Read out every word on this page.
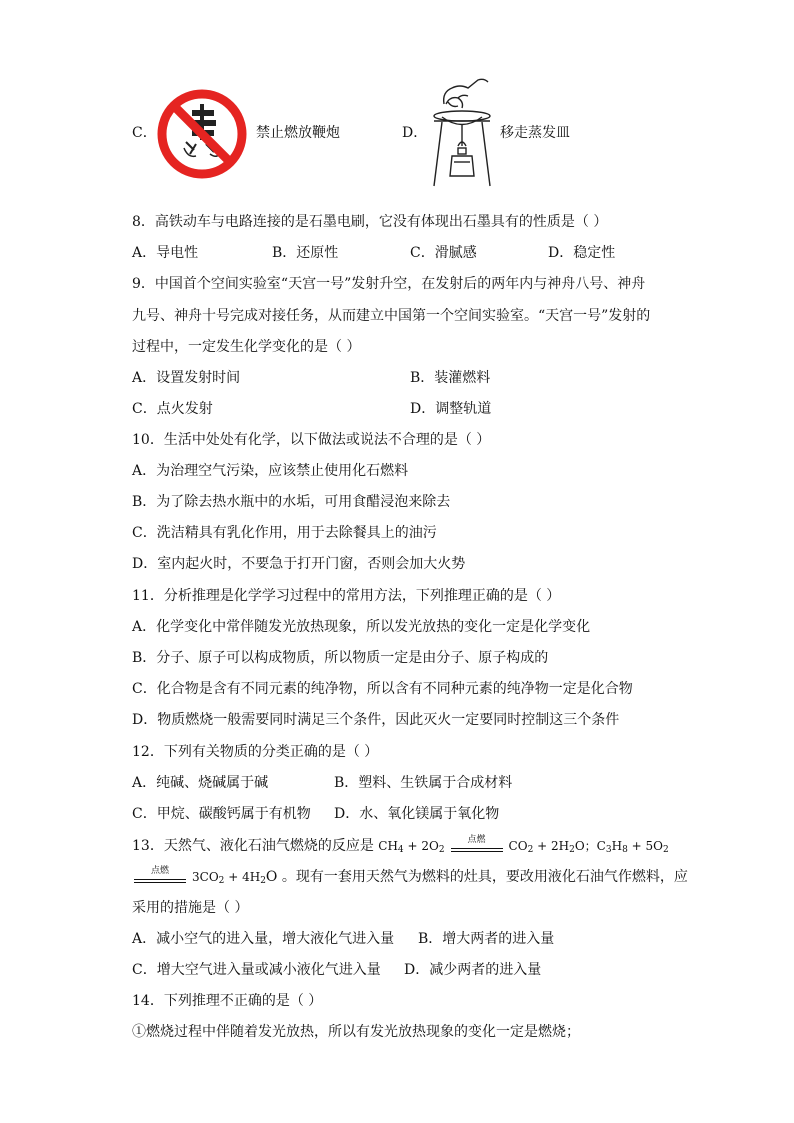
C．	禁止燃放鞭炮	D．	移走蒸发皿
8．高铁动车与电路连接的是石墨电刷，它没有体现出石墨具有的性质是（ ）
A．导电性	B．还原性	C．滑腻感	D．稳定性
9．中国首个空间实验室“天宫一号”发射升空，在发射后的两年内与神舟八号、神舟
九号、神舟十号完成对接任务，从而建立中国第一个空间实验室。“天宫一号”发射的
过程中，一定发生化学变化的是（ ）
A．设置发射时间	B．装灌燃料
C．点火发射	D．调整轨道
10．生活中处处有化学，以下做法或说法不合理的是（ ）
A．为治理空气污染，应该禁止使用化石燃料
B．为了除去热水瓶中的水垢，可用食醋浸泡来除去
C．洗洁精具有乳化作用，用于去除餐具上的油污
D．室内起火时，不要急于打开门窗，否则会加大火势
11．分析推理是化学学习过程中的常用方法，下列推理正确的是（ ）
A．化学变化中常伴随发光放热现象，所以发光放热的变化一定是化学变化
B．分子、原子可以构成物质，所以物质一定是由分子、原子构成的
C．化合物是含有不同元素的纯净物，所以含有不同种元素的纯净物一定是化合物
D．物质燃烧一般需要同时满足三个条件，因此灭火一定要同时控制这三个条件
12．下列有关物质的分类正确的是（ ）
A．纯碱、烧碱属于碱	B．塑料、生铁属于合成材料
C．甲烷、碳酸钙属于有机物 D．水、氧化镁属于氧化物
13．天然气、液化石油气燃烧的反应是 $CH_4 + 2O_2$
点燃	$CO_2 + 2H_2O$；$C_3H_8 + 5O_2$
点燃	$3CO_2 + 4H_2O$ 。现有一套用天然气为燃料的灶具，要改用液化石油气作燃料，应
采用的措施是（ ）
A．减小空气的进入量，增大液化气进入量 B．增大两者的进入量
C．增大空气进入量或减小液化气进入量 D．减少两者的进入量
14．下列推理不正确的是（ ）
①燃烧过程中伴随着发光放热，所以有发光放热现象的变化一定是燃烧；
